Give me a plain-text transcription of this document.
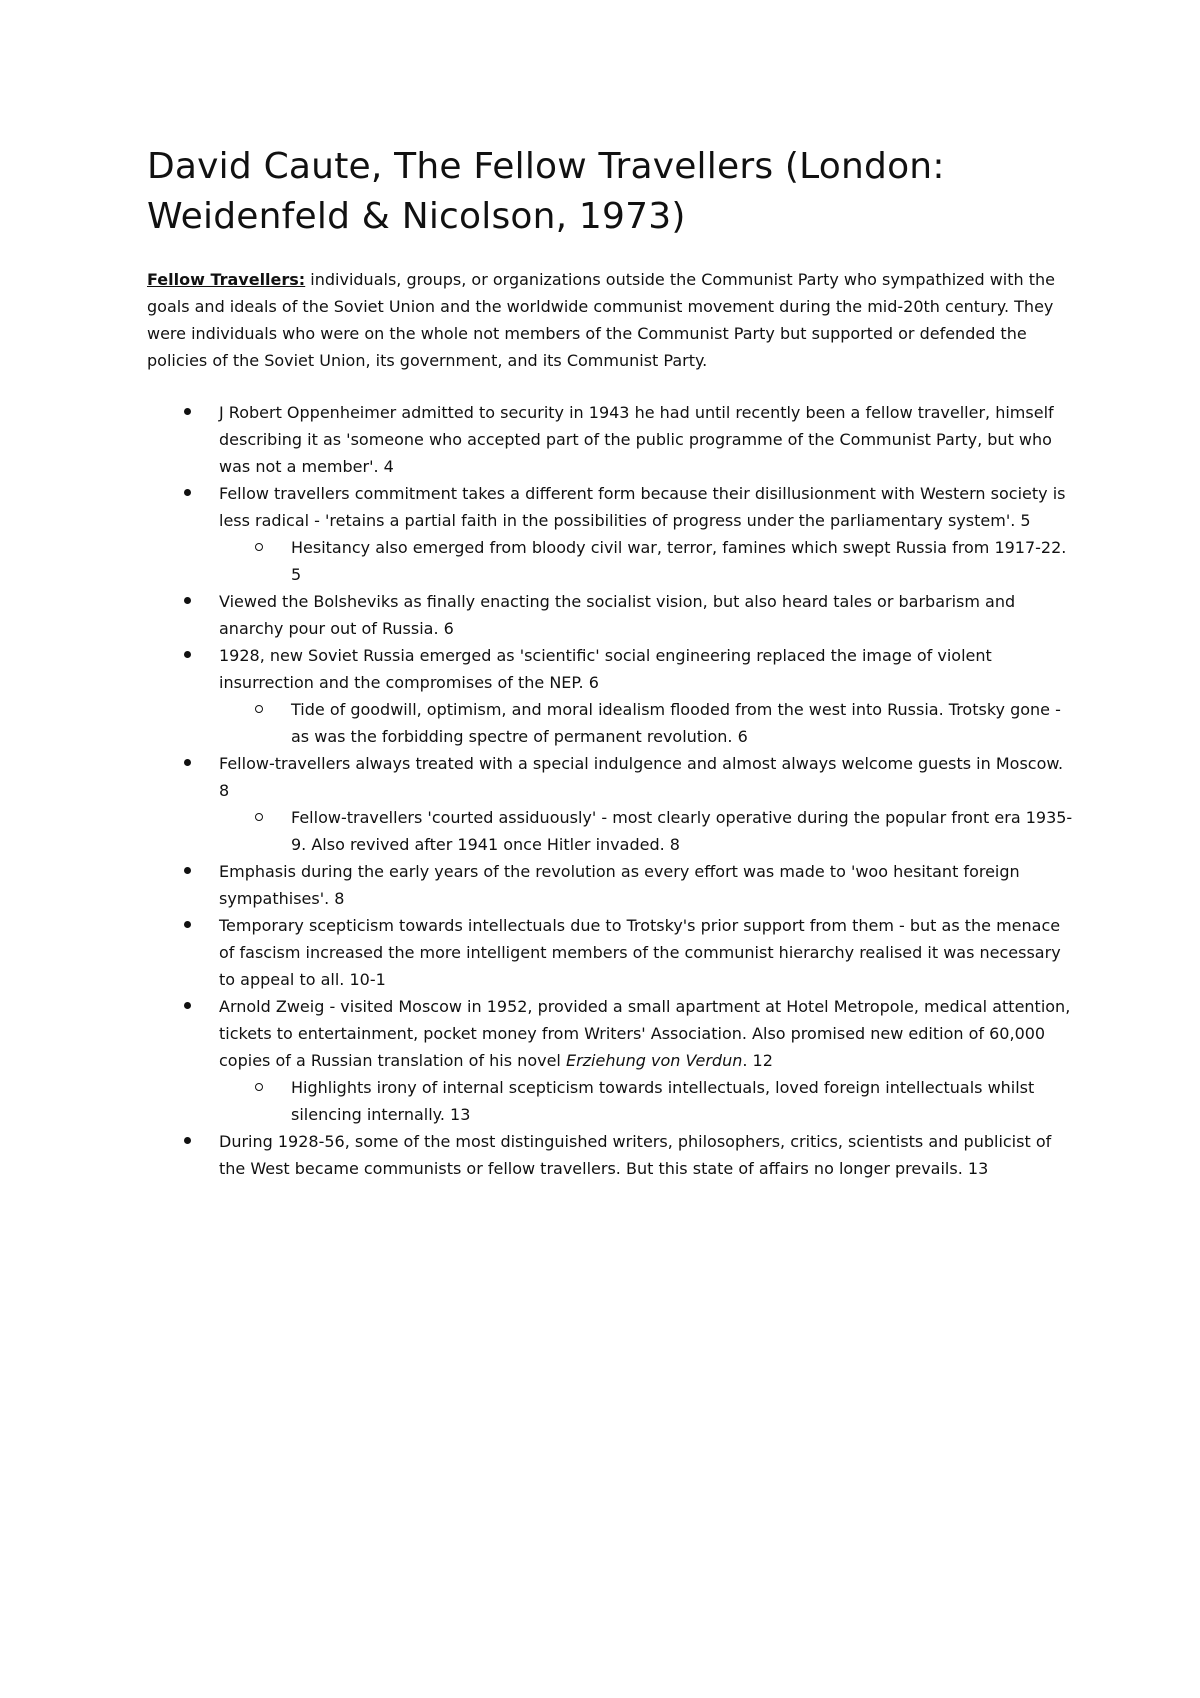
David Caute, The Fellow Travellers (London: Weidenfeld & Nicolson, 1973)

Fellow Travellers: individuals, groups, or organizations outside the Communist Party who sympathized with the goals and ideals of the Soviet Union and the worldwide communist movement during the mid-20th century. They were individuals who were on the whole not members of the Communist Party but supported or defended the policies of the Soviet Union, its government, and its Communist Party.

J Robert Oppenheimer admitted to security in 1943 he had until recently been a fellow traveller, himself describing it as 'someone who accepted part of the public programme of the Communist Party, but who was not a member'. 4
Fellow travellers commitment takes a different form because their disillusionment with Western society is less radical - 'retains a partial faith in the possibilities of progress under the parliamentary system'. 5
Hesitancy also emerged from bloody civil war, terror, famines which swept Russia from 1917-22. 5
Viewed the Bolsheviks as finally enacting the socialist vision, but also heard tales or barbarism and anarchy pour out of Russia. 6
1928, new Soviet Russia emerged as 'scientific' social engineering replaced the image of violent insurrection and the compromises of the NEP. 6
Tide of goodwill, optimism, and moral idealism flooded from the west into Russia. Trotsky gone - as was the forbidding spectre of permanent revolution. 6
Fellow-travellers always treated with a special indulgence and almost always welcome guests in Moscow. 8
Fellow-travellers 'courted assiduously' - most clearly operative during the popular front era 1935-9. Also revived after 1941 once Hitler invaded. 8
Emphasis during the early years of the revolution as every effort was made to 'woo hesitant foreign sympathises'. 8
Temporary scepticism towards intellectuals due to Trotsky's prior support from them - but as the menace of fascism increased the more intelligent members of the communist hierarchy realised it was necessary to appeal to all. 10-1
Arnold Zweig - visited Moscow in 1952, provided a small apartment at Hotel Metropole, medical attention, tickets to entertainment, pocket money from Writers' Association. Also promised new edition of 60,000 copies of a Russian translation of his novel Erziehung von Verdun. 12
Highlights irony of internal scepticism towards intellectuals, loved foreign intellectuals whilst silencing internally. 13
During 1928-56, some of the most distinguished writers, philosophers, critics, scientists and publicist of the West became communists or fellow travellers. But this state of affairs no longer prevails. 13
